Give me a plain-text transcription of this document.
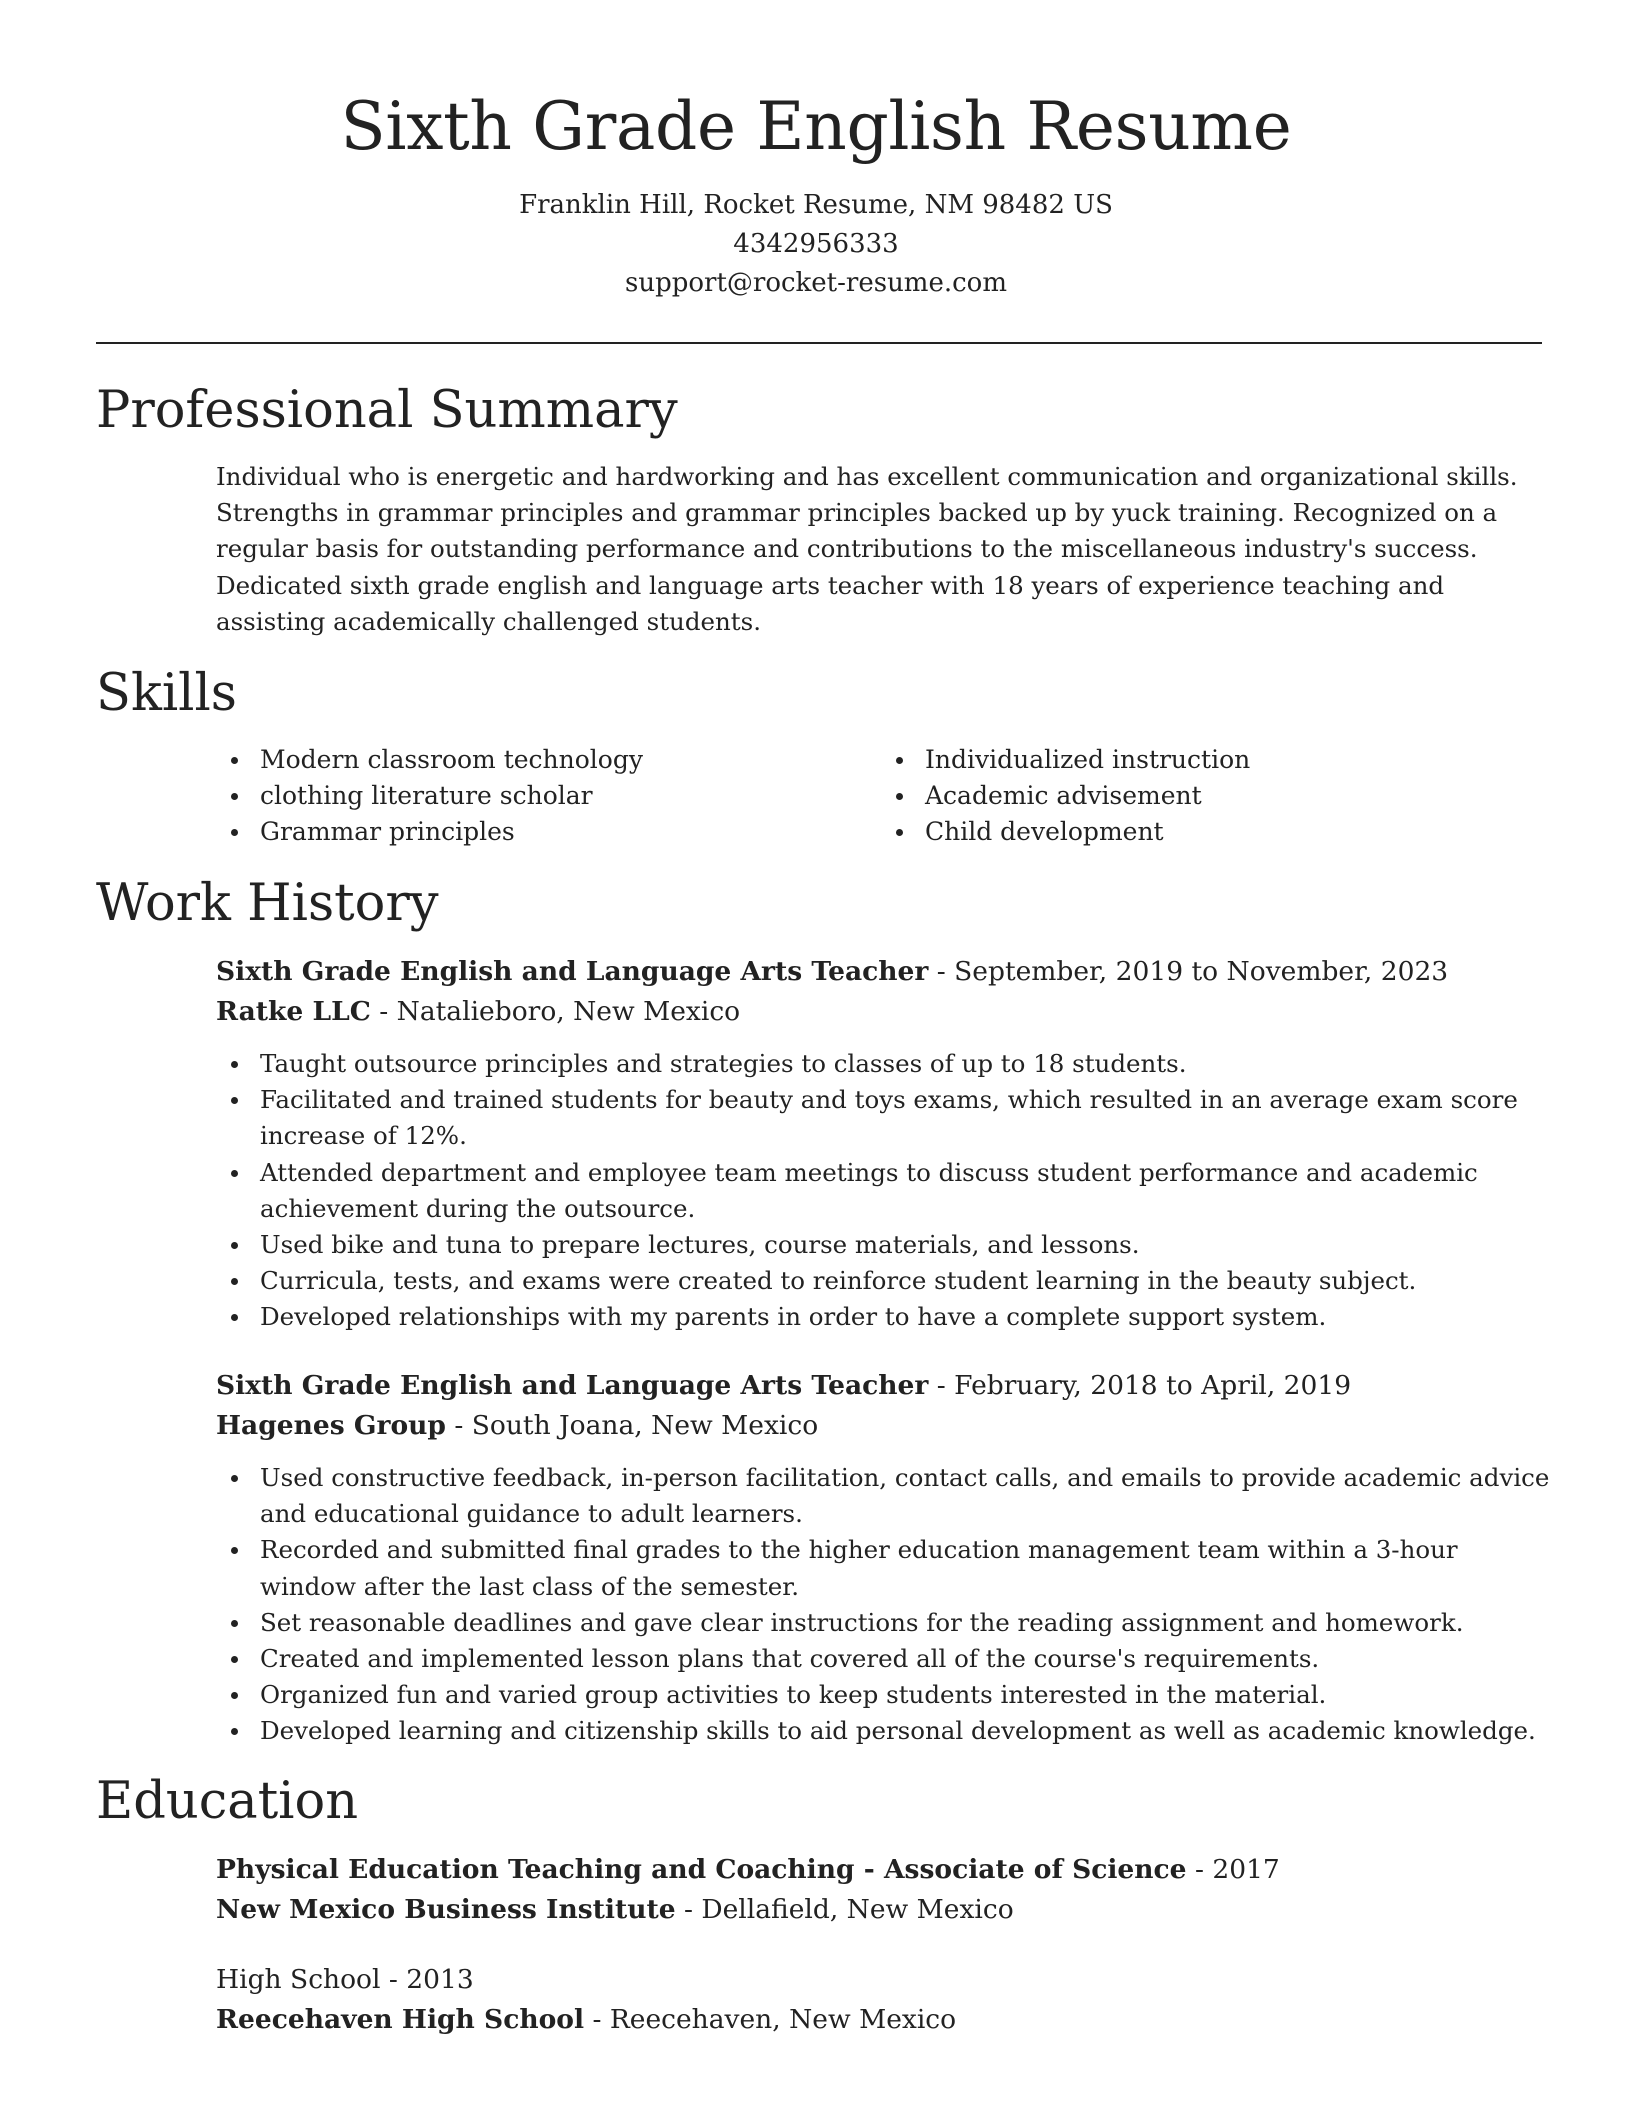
Sixth Grade English Resume
Franklin Hill, Rocket Resume, NM 98482 US
4342956333
support@rocket-resume.com
Professional Summary

Individual who is energetic and hardworking and has excellent communication and organizational skills. Strengths in grammar principles and grammar principles backed up by yuck training. Recognized on a regular basis for outstanding performance and contributions to the miscellaneous industry's success. Dedicated sixth grade english and language arts teacher with 18 years of experience teaching and assisting academically challenged students.

Skills
Modern classroom technology
clothing literature scholar
Grammar principles
Individualized instruction
Academic advisement
Child development
Work History

Sixth Grade English and Language Arts Teacher - September, 2019 to November, 2023

Ratke LLC - Natalieboro, New Mexico

Taught outsource principles and strategies to classes of up to 18 students.
Facilitated and trained students for beauty and toys exams, which resulted in an average exam score increase of 12%.
Attended department and employee team meetings to discuss student performance and academic achievement during the outsource.
Used bike and tuna to prepare lectures, course materials, and lessons.
Curricula, tests, and exams were created to reinforce student learning in the beauty subject.
Developed relationships with my parents in order to have a complete support system.

Sixth Grade English and Language Arts Teacher - February, 2018 to April, 2019

Hagenes Group - South Joana, New Mexico

Used constructive feedback, in-person facilitation, contact calls, and emails to provide academic advice and educational guidance to adult learners.
Recorded and submitted final grades to the higher education management team within a 3-hour window after the last class of the semester.
Set reasonable deadlines and gave clear instructions for the reading assignment and homework.
Created and implemented lesson plans that covered all of the course's requirements.
Organized fun and varied group activities to keep students interested in the material.
Developed learning and citizenship skills to aid personal development as well as academic knowledge.
Education

Physical Education Teaching and Coaching - Associate of Science - 2017

New Mexico Business Institute - Dellafield, New Mexico

High School - 2013

Reecehaven High School - Reecehaven, New Mexico
